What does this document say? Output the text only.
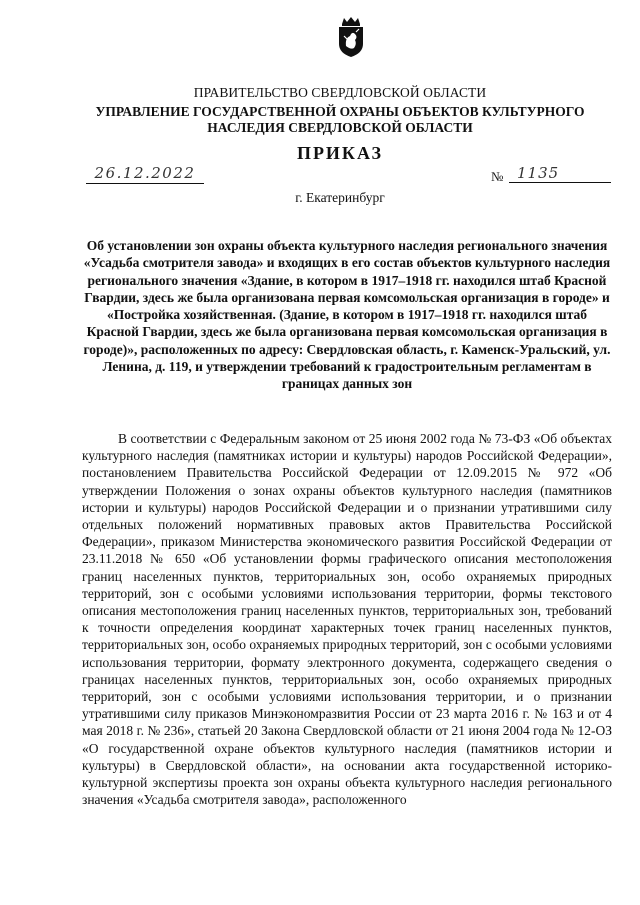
ПРАВИТЕЛЬСТВО СВЕРДЛОВСКОЙ ОБЛАСТИ
УПРАВЛЕНИЕ ГОСУДАРСТВЕННОЙ ОХРАНЫ ОБЪЕКТОВ КУЛЬТУРНОГО НАСЛЕДИЯ СВЕРДЛОВСКОЙ ОБЛАСТИ
ПРИКАЗ
26.12.2022	№ 1135
г. Екатеринбург
Об установлении зон охраны объекта культурного наследия регионального значения «Усадьба смотрителя завода» и входящих в его состав объектов культурного наследия регионального значения «Здание, в котором в 1917–1918 гг. находился штаб Красной Гвардии, здесь же была организована первая комсомольская организация в городе» и «Постройка хозяйственная. (Здание, в котором в 1917–1918 гг. находился штаб Красной Гвардии, здесь же была организована первая комсомольская организация в городе)», расположенных по адресу: Свердловская область, г. Каменск-Уральский, ул. Ленина, д. 119, и утверждении требований к градостроительным регламентам в границах данных зон

В соответствии с Федеральным законом от 25 июня 2002 года № 73-ФЗ «Об объектах культурного наследия (памятниках истории и культуры) народов Российской Федерации», постановлением Правительства Российской Федерации от 12.09.2015 № 972 «Об утверждении Положения о зонах охраны объектов культурного наследия (памятников истории и культуры) народов Российской Федерации и о признании утратившими силу отдельных положений нормативных правовых актов Правительства Российской Федерации», приказом Министерства экономического развития Российской Федерации от 23.11.2018 № 650 «Об установлении формы графического описания местоположения границ населенных пунктов, территориальных зон, особо охраняемых природных территорий, зон с особыми условиями использования территории, формы текстового описания местоположения границ населенных пунктов, территориальных зон, требований к точности определения координат характерных точек границ населенных пунктов, территориальных зон, особо охраняемых природных территорий, зон с особыми условиями использования территории, формату электронного документа, содержащего сведения о границах населенных пунктов, территориальных зон, особо охраняемых природных территорий, зон с особыми условиями использования территории, и о признании утратившими силу приказов Минэкономразвития России от 23 марта 2016 г. № 163 и от 4 мая 2018 г. № 236», статьей 20 Закона Свердловской области от 21 июня 2004 года № 12-ОЗ «О государственной охране объектов культурного наследия (памятников истории и культуры) в Свердловской области», на основании акта государственной историко-культурной экспертизы проекта зон охраны объекта культурного наследия регионального значения «Усадьба смотрителя завода», расположенного
